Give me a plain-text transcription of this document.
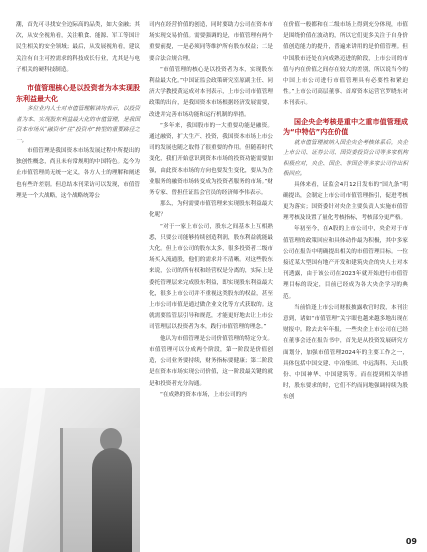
潮，首先可寻找安全边际高的品类，如大金融；其次，从安全视角看，关注粮食、能源、军工等国计民生相关的安全领域；最后，从发展视角看，建议关注有自主可控需求的科技成长行业，尤其是与电子相关的硬科技制造。

市值管理核心是以投资者为本实现股东利益最大化

多位业内人士对市值管理解读均表示，以投资者为本、实现股东利益最大化的市值管理，是我国资本市场从“融资市”往“投资市”转型的重要路径之一。

市值管理是我国资本市场发展过程中所提出的独创性概念，尚且未有常规明的中国特色。迄今为止市值管理尚无统一定义，各方人士的理解和阐述也有些许差别。但总结本刊采访可以发现，市值管理是一个大战略，这个战略统筹公

司内在经营价值的创造，同时要助力公司在资本市场实现交易价值。需要强调的是，市值管理有两个重要前提，一是必须同等维护所有股东权益；二是要合法合规合理。

“市值管理的核心是以投资者为本，实现股东利益最大化。”中国证监会政策研究室原副主任、同济大学教授黄运成对本刊表示，上市公司市值管理政策的出台，是我国资本市场根据经济发展需要，改进并完善市场功能和运行机制的举措。

“多年来，我国股市的一大重要功能是融资。通过融资，扩大生产、投资，我国资本市场上市公司的发展也随之取得了很重要的作用。但随着时代变化，我们开始意识到资本市场的投资功能需要加强，由此资本市场的方向也要发生变化，要从为企业服务的融资市场转变成为投资者服务的市场。”财务专家、曾担任证监会官员的经济师李伟表示。

那么，为何需要市值管理来实现股东利益最大化呢？

“对于一家上市公司，股东之间基本上互相熟悉，只要公司能够持续创造利润，股东利益就能最大化。但上市公司的股东太多，很多投资者二级市场买入流通股，他们的需求并不清晰。对这些股东来说，公司的所有权和经营权是分离的，实际上是委托管理层来完成股东利益，即实现股东利益最大化，很多上市公司并不重视这类股东的权益，甚至上市公司市值是通过做企业文化等方式获取的。这就需要监管层引导和规范，才能更好地去让上市公司管理层以投资者为本，践行市值管理的理念。”

他认为市值管理是公司价值管理的特定分支。市值管理可以分成两个阶段，第一阶段是价值创造，公司业务要持续，财务指标要健康；第二阶段是在资本市场实现公司价值，这一阶段最关键的就是和投资者充分沟通。

“在成熟的资本市场，上市公司的内

在价值一般都和在二级市场上得到充分体现，市值是围绕价值在波动的，所以它们更多关注于自身价值创造能力的提升，普遍来讲用的是价值管理。但中国股市还处在向成熟迈进的阶段，上市公司的市值与内在价值之间存在较大的差别，所以说当今的中国上市公司进行市值管理具有必要性和紧迫性。”上市公司高层董事、首席资本运营官罗晓东对本刊表示。

国企央企考核是重中之重市值管理成为“中特估”内在价值

就市值管理被纳入国企央企考核体系后，央企上市公司、证券公司、国资委投资公司等多家机构积极应对，央企、国企、非国企等多家公司作出积极回应。

具体来看，证监会4月12日发布的“国九条”明确提出，会制定上市公司市值管理指引，促进考核更为落实；国资委针对央企主要负责人实施市值管理考核及设置了量化考核指标，考核部分更严格。

年初至今，在A股的上市公司中，央企对于市值管理的政策回应和具体动作最为积极，其中多家公司在报告中明确提出相关的市值管理目标。一位接近某大型国有地产开发和建筑央企的央人士对本刊透露，由于该公司在2023年就开始进行市值管理目标的设定，目前已经成为各大央企学习的典范。

当前恰逢上市公司财报披露收官时段，本刊注意到，诸如“市值管理”关字眼也越来越多地出现在财报中。除去去年年报，一些央企上市公司在已经在董事会还在报告书中，首先是从投资发展研究方面划分，加强市值管理2024年的主要工作之一，具体包括中国交建、中冶集团、中远海科、天山股份、中国神华、中国建筑等。而在提到相关举措时，股东要求的时，它们不约而同地强调持续为股东创

09
